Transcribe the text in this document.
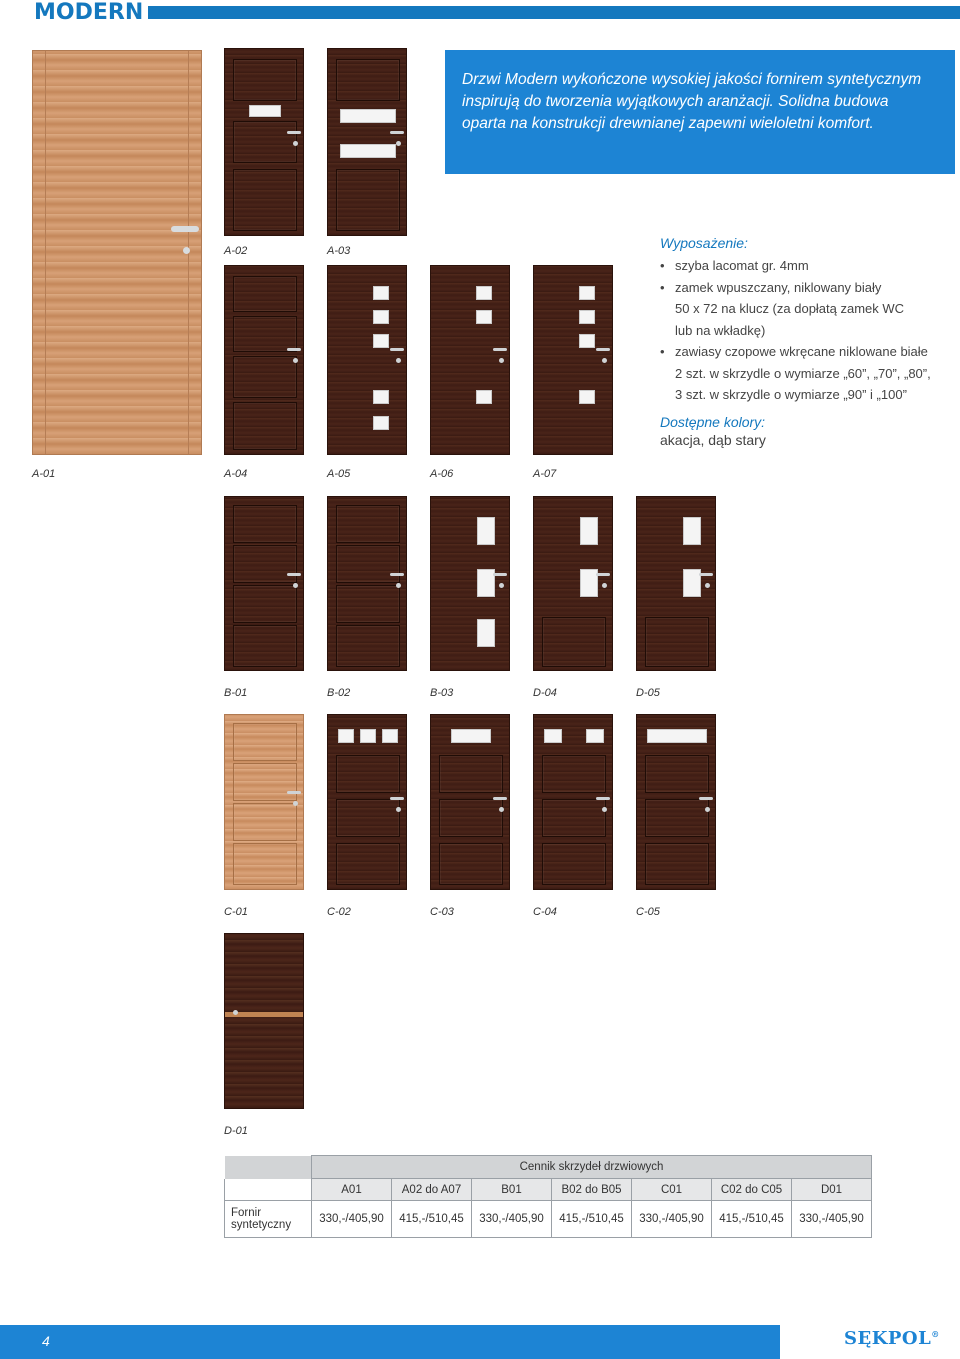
MODERN

Drzwi Modern wykończone wysokiej jakości fornirem syntetycznym inspirują do tworzenia wyjątkowych aranżacji. Solidna budowa oparta na konstrukcji drewnianej zapewni wieloletni komfort.

A-01
A-02	A-03
A-04	A-05	A-06	A-07
Wyposażenie:
• szyba lacomat gr. 4mm
• zamek wpuszczany, niklowany biały
50 x 72 na klucz (za dopłatą zamek WC
lub na wkładkę)
• zawiasy czopowe wkręcane niklowane białe
2 szt. w skrzydle o wymiarze „60”, „70”, „80”,
3 szt. w skrzydle o wymiarze „90” i „100”
Dostępne kolory:
akacja, dąb stary
B-01	B-02	B-03	D-04	D-05
C-01	C-02	C-03	C-04	C-05
D-01
	Cennik skrzydeł drzwiowych						
	A01	A02 do A07	B01	B02 do B05	C01	C02 do C05	D01
Fornir
syntetyczny	330,-/405,90	415,-/510,45	330,-/405,90	415,-/510,45	330,-/405,90	415,-/510,45	330,-/405,90
4	SĘKPOL®
